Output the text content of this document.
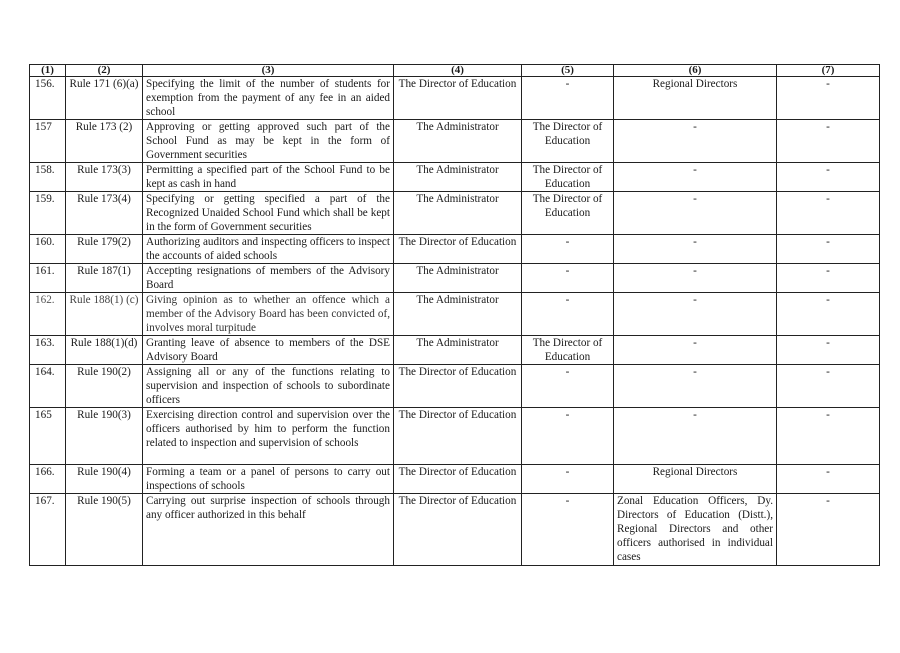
(1)	(2)	(3)	(4)	(5)	(6)	(7)
156.	Rule 171 (6)(a)	Specifying the limit of the number of students for exemption from the payment of any fee in an aided school	The Director of Education	-	Regional Directors	-
157	Rule 173 (2)	Approving or getting approved such part of the School Fund as may be kept in the form of Government securities	The Administrator	The Director of Education	-	-
158.	Rule 173(3)	Permitting a specified part of the School Fund to be kept as cash in hand	The Administrator	The Director of Education	-	-
159.	Rule 173(4)	Specifying or getting specified a part of the Recognized Unaided School Fund which shall be kept in the form of Government securities	The Administrator	The Director of Education	-	-
160.	Rule 179(2)	Authorizing auditors and inspecting officers to inspect the accounts of aided schools	The Director of Education	-	-	-
161.	Rule 187(1)	Accepting resignations of members of the Advisory Board	The Administrator	-	-	-
162.	Rule 188(1) (c)	Giving opinion as to whether an offence which a member of the Advisory Board has been convicted of, involves moral turpitude	The Administrator	-	-	-
163.	Rule 188(1)(d)	Granting leave of absence to members of the DSE Advisory Board	The Administrator	The Director of Education	-	-
164.	Rule 190(2)	Assigning all or any of the functions relating to supervision and inspection of schools to subordinate officers	The Director of Education	-	-	-
165	Rule 190(3)	Exercising direction control and supervision over the officers authorised by him to perform the function related to inspection and supervision of schools	The Director of Education	-	-	-
166.	Rule 190(4)	Forming a team or a panel of persons to carry out inspections of schools	The Director of Education	-	Regional Directors	-
167.	Rule 190(5)	Carrying out surprise inspection of schools through any officer authorized in this behalf	The Director of Education	-	Zonal Education Officers, Dy. Directors of Education (Distt.), Regional Directors and other officers authorised in individual cases	-
